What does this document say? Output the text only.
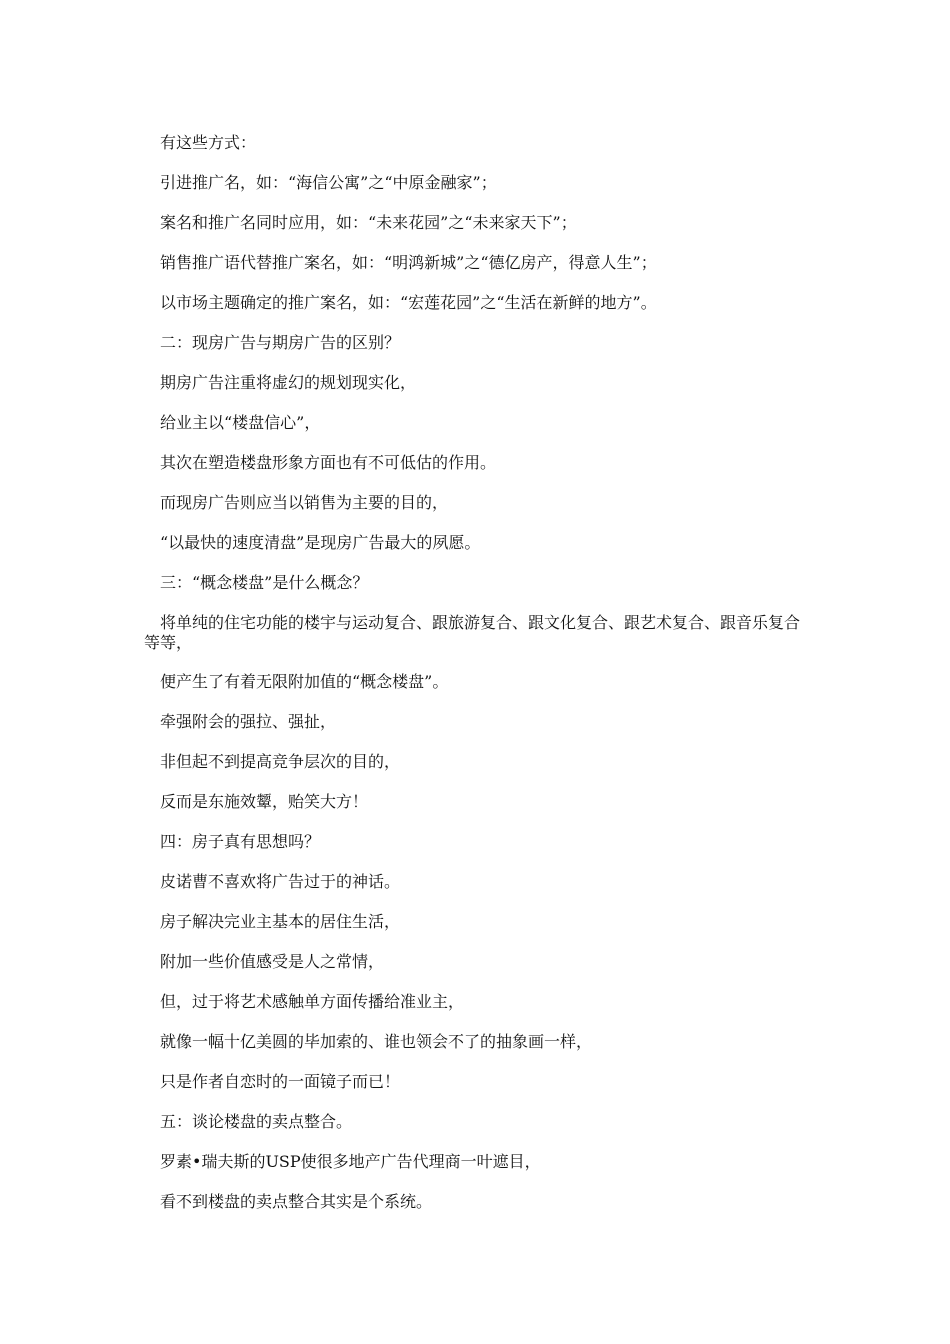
有这些方式：

引进推广名，如：“海信公寓”之“中原金融家”；

案名和推广名同时应用，如：“未来花园”之“未来家天下”；

销售推广语代替推广案名，如：“明鸿新城”之“德亿房产，得意人生”；

以市场主题确定的推广案名，如：“宏莲花园”之“生活在新鲜的地方”。

二：现房广告与期房广告的区别？

期房广告注重将虚幻的规划现实化，

给业主以“楼盘信心”，

其次在塑造楼盘形象方面也有不可低估的作用。

而现房广告则应当以销售为主要的目的，

“以最快的速度清盘”是现房广告最大的夙愿。

三：“概念楼盘”是什么概念？

将单纯的住宅功能的楼宇与运动复合、跟旅游复合、跟文化复合、跟艺术复合、跟音乐复合等等，

便产生了有着无限附加值的“概念楼盘”。

牵强附会的强拉、强扯，

非但起不到提高竞争层次的目的，

反而是东施效颦，贻笑大方！

四：房子真有思想吗？

皮诺曹不喜欢将广告过于的神话。

房子解决完业主基本的居住生活，

附加一些价值感受是人之常情，

但，过于将艺术感触单方面传播给准业主，

就像一幅十亿美圆的毕加索的、谁也领会不了的抽象画一样，

只是作者自恋时的一面镜子而已！

五：谈论楼盘的卖点整合。

罗素•瑞夫斯的USP使很多地产广告代理商一叶遮目，

看不到楼盘的卖点整合其实是个系统。
